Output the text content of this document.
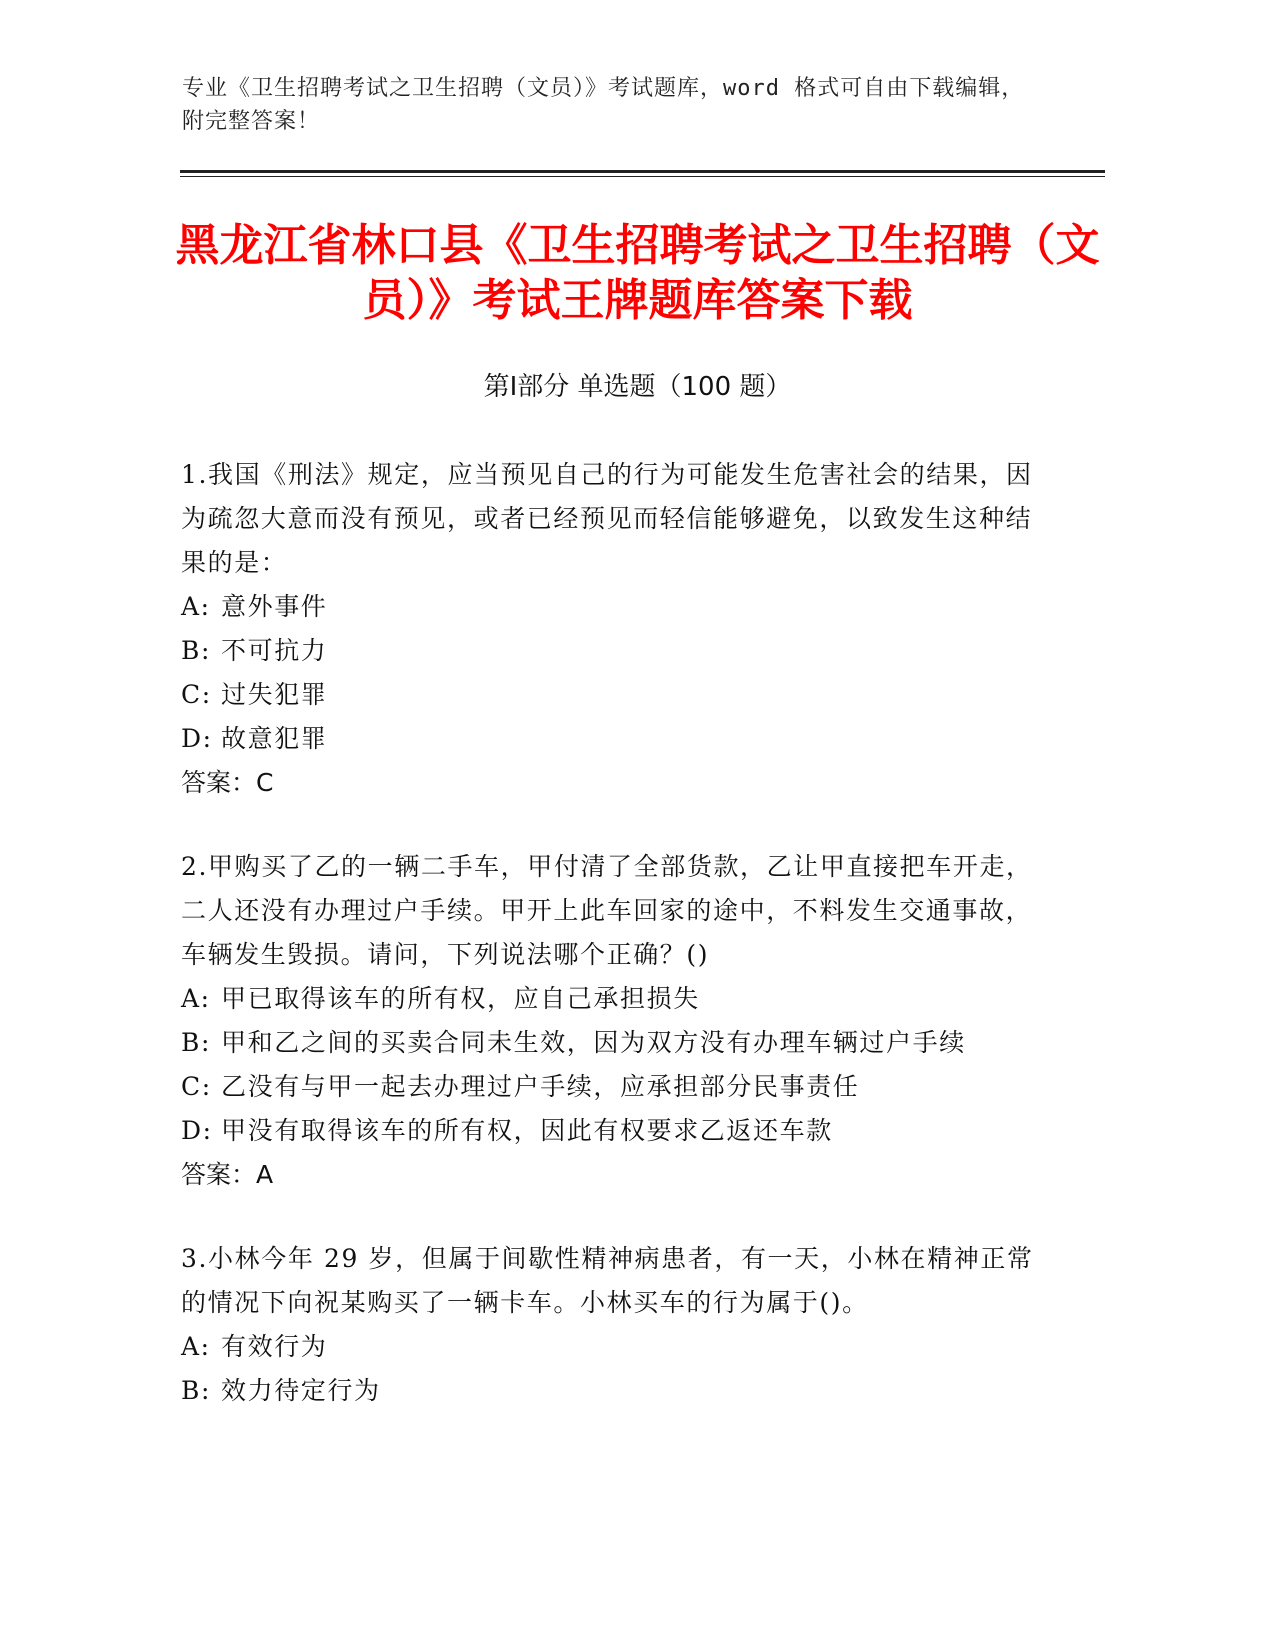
专业《卫生招聘考试之卫生招聘（文员）》考试题库，word 格式可自由下载编辑，附完整答案！
黑龙江省林口县《卫生招聘考试之卫生招聘（文员）》考试王牌题库答案下载
第Ⅰ部分 单选题（100 题）

1.我国《刑法》规定，应当预见自己的行为可能发生危害社会的结果，因为疏忽大意而没有预见，或者已经预见而轻信能够避免，以致发生这种结果的是：

A: 意外事件

B: 不可抗力

C: 过失犯罪

D: 故意犯罪

答案：C

2.甲购买了乙的一辆二手车，甲付清了全部货款，乙让甲直接把车开走，二人还没有办理过户手续。甲开上此车回家的途中，不料发生交通事故，车辆发生毁损。请问，下列说法哪个正确？()

A: 甲已取得该车的所有权，应自己承担损失

B: 甲和乙之间的买卖合同未生效，因为双方没有办理车辆过户手续

C: 乙没有与甲一起去办理过户手续，应承担部分民事责任

D: 甲没有取得该车的所有权，因此有权要求乙返还车款

答案：A

3.小林今年 29 岁，但属于间歇性精神病患者，有一天，小林在精神正常的情况下向祝某购买了一辆卡车。小林买车的行为属于()。

A: 有效行为

B: 效力待定行为
